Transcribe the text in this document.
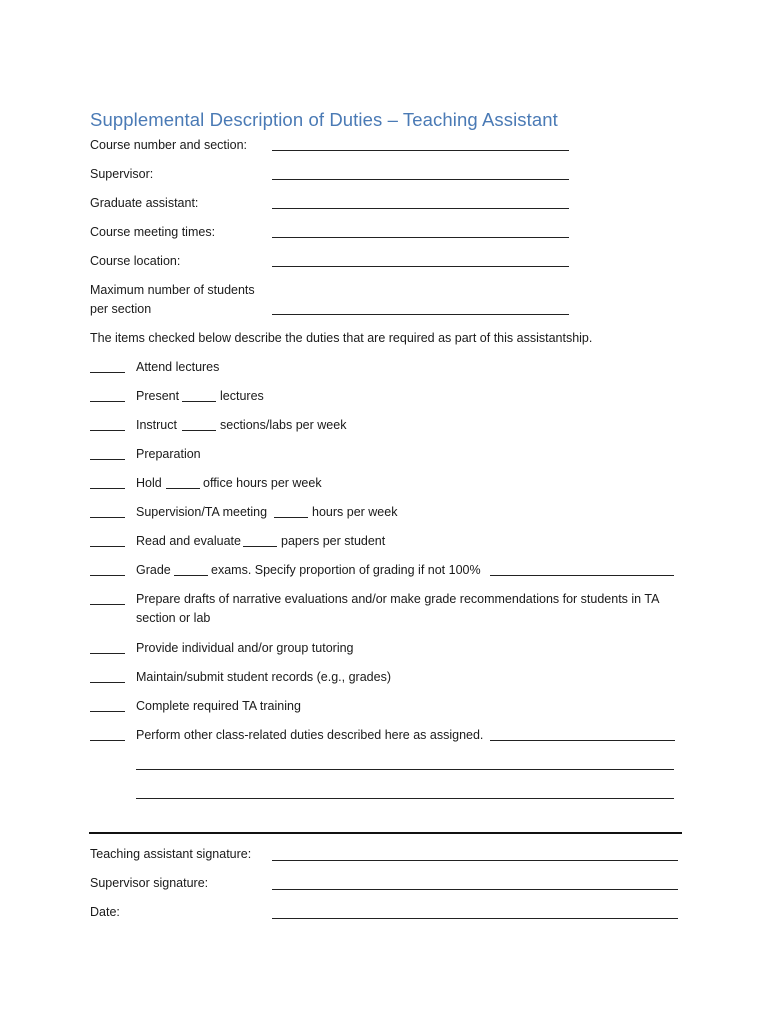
Supplemental Description of Duties – Teaching Assistant
Course number and section:
Supervisor:
Graduate assistant:
Course meeting times:
Course location:
Maximum number of students
per section
The items checked below describe the duties that are required as part of this assistantship.
Attend lectures
Present	lectures
Instruct	sections/labs per week
Preparation
Hold	office hours per week
Supervision/TA meeting	hours per week
Read and evaluate	papers per student
Grade	exams. Specify proportion of grading if not 100%
Prepare drafts of narrative evaluations and/or make grade recommendations for students in TA
section or lab
Provide individual and/or group tutoring
Maintain/submit student records (e.g., grades)
Complete required TA training
Perform other class-related duties described here as assigned.
Teaching assistant signature:
Supervisor signature:
Date:
